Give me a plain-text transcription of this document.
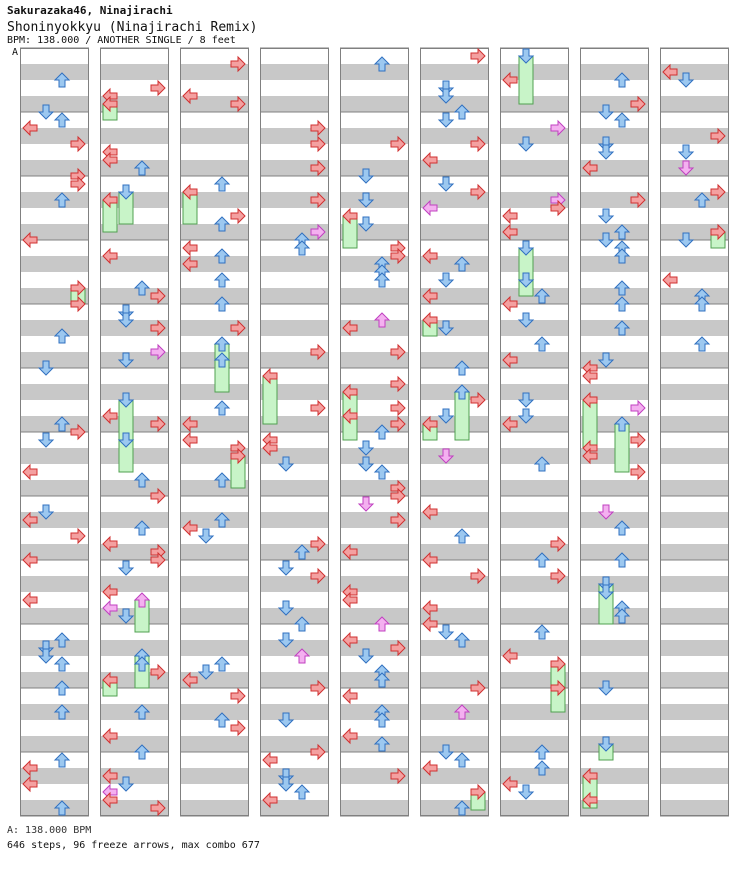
Sakurazaka46, Ninajirachi
Shoninyokkyu (Ninajirachi Remix)
BPM: 138.000 / ANOTHER SINGLE / 8 feet
A
A: 138.000 BPM
646 steps, 96 freeze arrows, max combo 677
